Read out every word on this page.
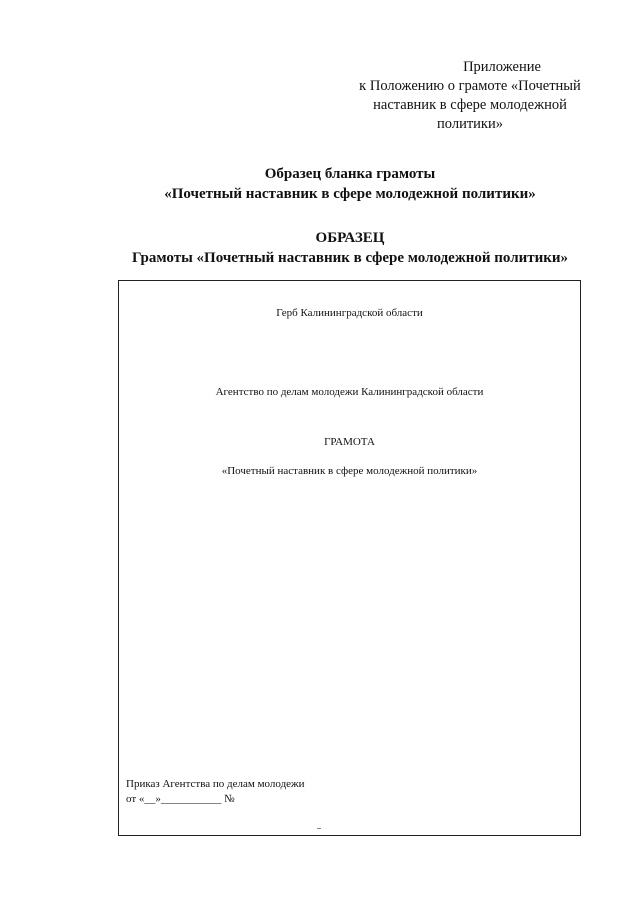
Приложение
к Положению о грамоте «Почетный
наставник в сфере молодежной
политики»
Образец бланка грамоты
«Почетный наставник в сфере молодежной политики»
ОБРАЗЕЦ
Грамоты «Почетный наставник в сфере молодежной политики»
Герб Калининградской области
Агентство по делам молодежи Калининградской области
ГРАМОТА
«Почетный наставник в сфере молодежной политики»
Приказ Агентства по делам молодежи
от «__»___________ №
